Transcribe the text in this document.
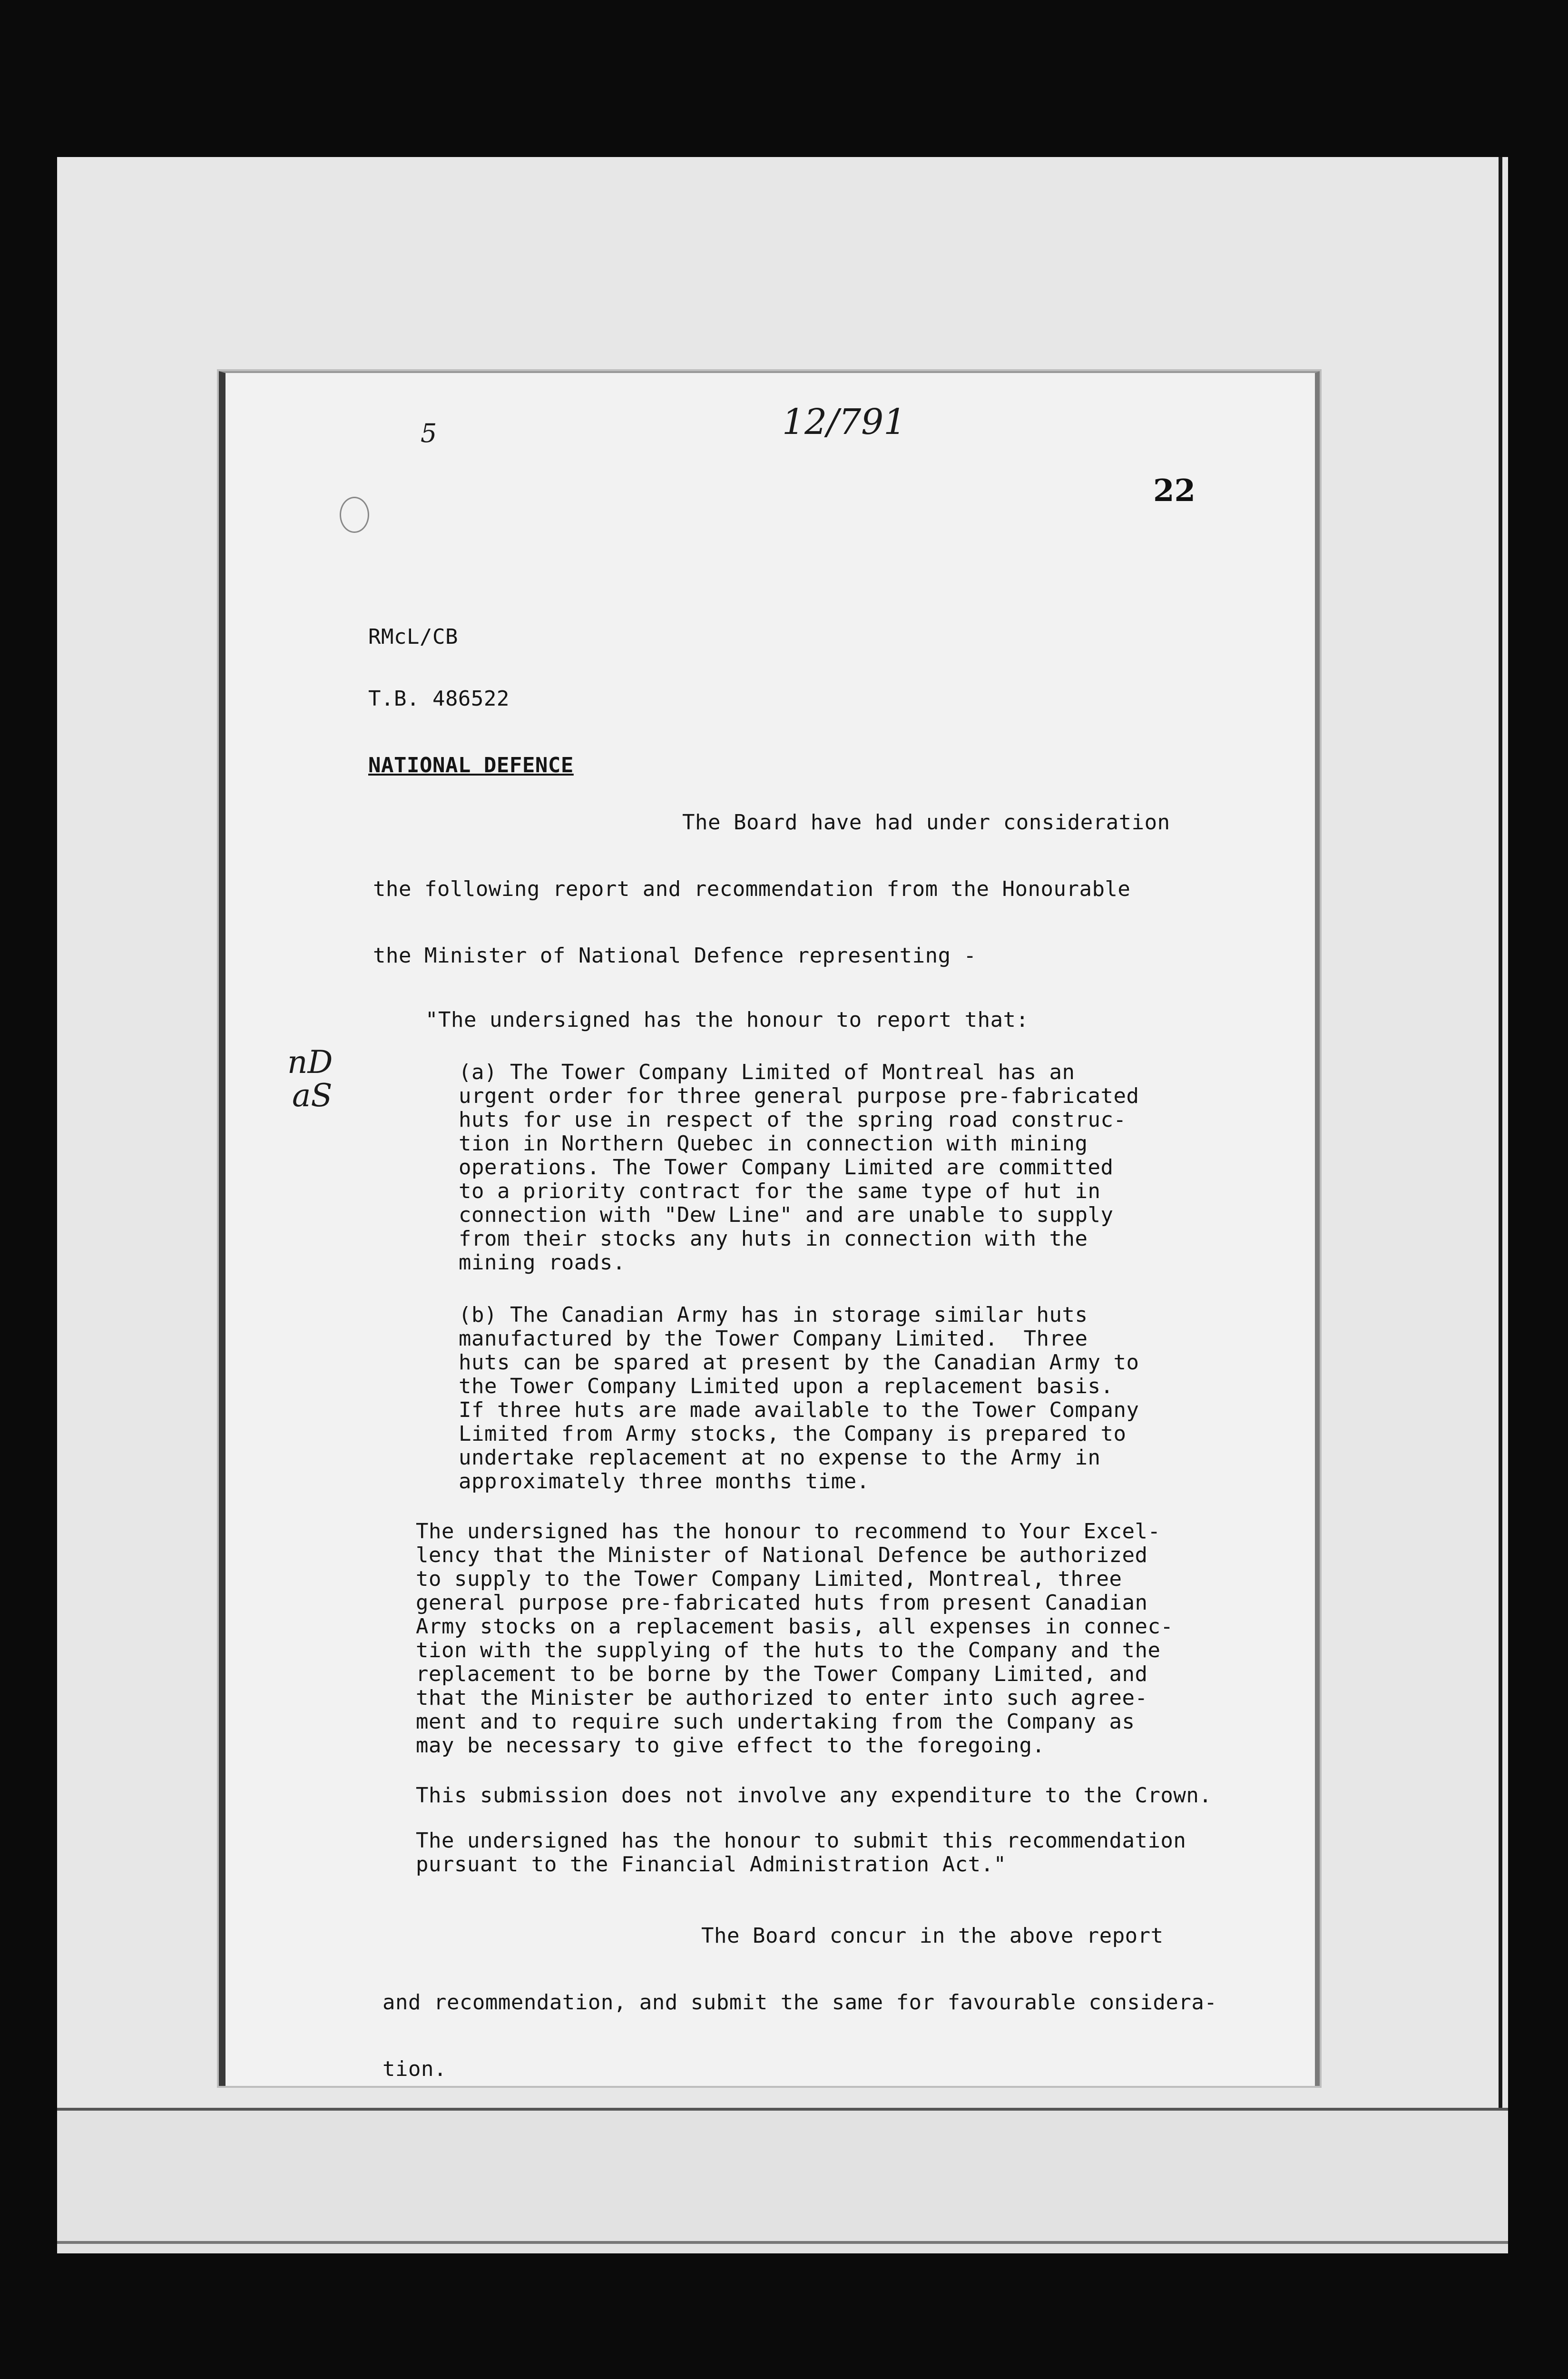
5	12/791
22
RMcL/CB
T.B. 486522
NATIONAL DEFENCE
The Board have had under consideration
the following report and recommendation from the Honourable
the Minister of National Defence representing -
"The undersigned has the honour to report that:
nD
aS
(a) The Tower Company Limited of Montreal has an
urgent order for three general purpose pre-fabricated
huts for use in respect of the spring road construc-
tion in Northern Quebec in connection with mining
operations. The Tower Company Limited are committed
to a priority contract for the same type of hut in
connection with "Dew Line" and are unable to supply
from their stocks any huts in connection with the
mining roads.
(b) The Canadian Army has in storage similar huts
manufactured by the Tower Company Limited.  Three
huts can be spared at present by the Canadian Army to
the Tower Company Limited upon a replacement basis.
If three huts are made available to the Tower Company
Limited from Army stocks, the Company is prepared to
undertake replacement at no expense to the Army in
approximately three months time.
The undersigned has the honour to recommend to Your Excel-
lency that the Minister of National Defence be authorized
to supply to the Tower Company Limited, Montreal, three
general purpose pre-fabricated huts from present Canadian
Army stocks on a replacement basis, all expenses in connec-
tion with the supplying of the huts to the Company and the
replacement to be borne by the Tower Company Limited, and
that the Minister be authorized to enter into such agree-
ment and to require such undertaking from the Company as
may be necessary to give effect to the foregoing.
This submission does not involve any expenditure to the Crown.
The undersigned has the honour to submit this recommendation
pursuant to the Financial Administration Act."
The Board concur in the above report
and recommendation, and submit the same for favourable considera-
tion.
